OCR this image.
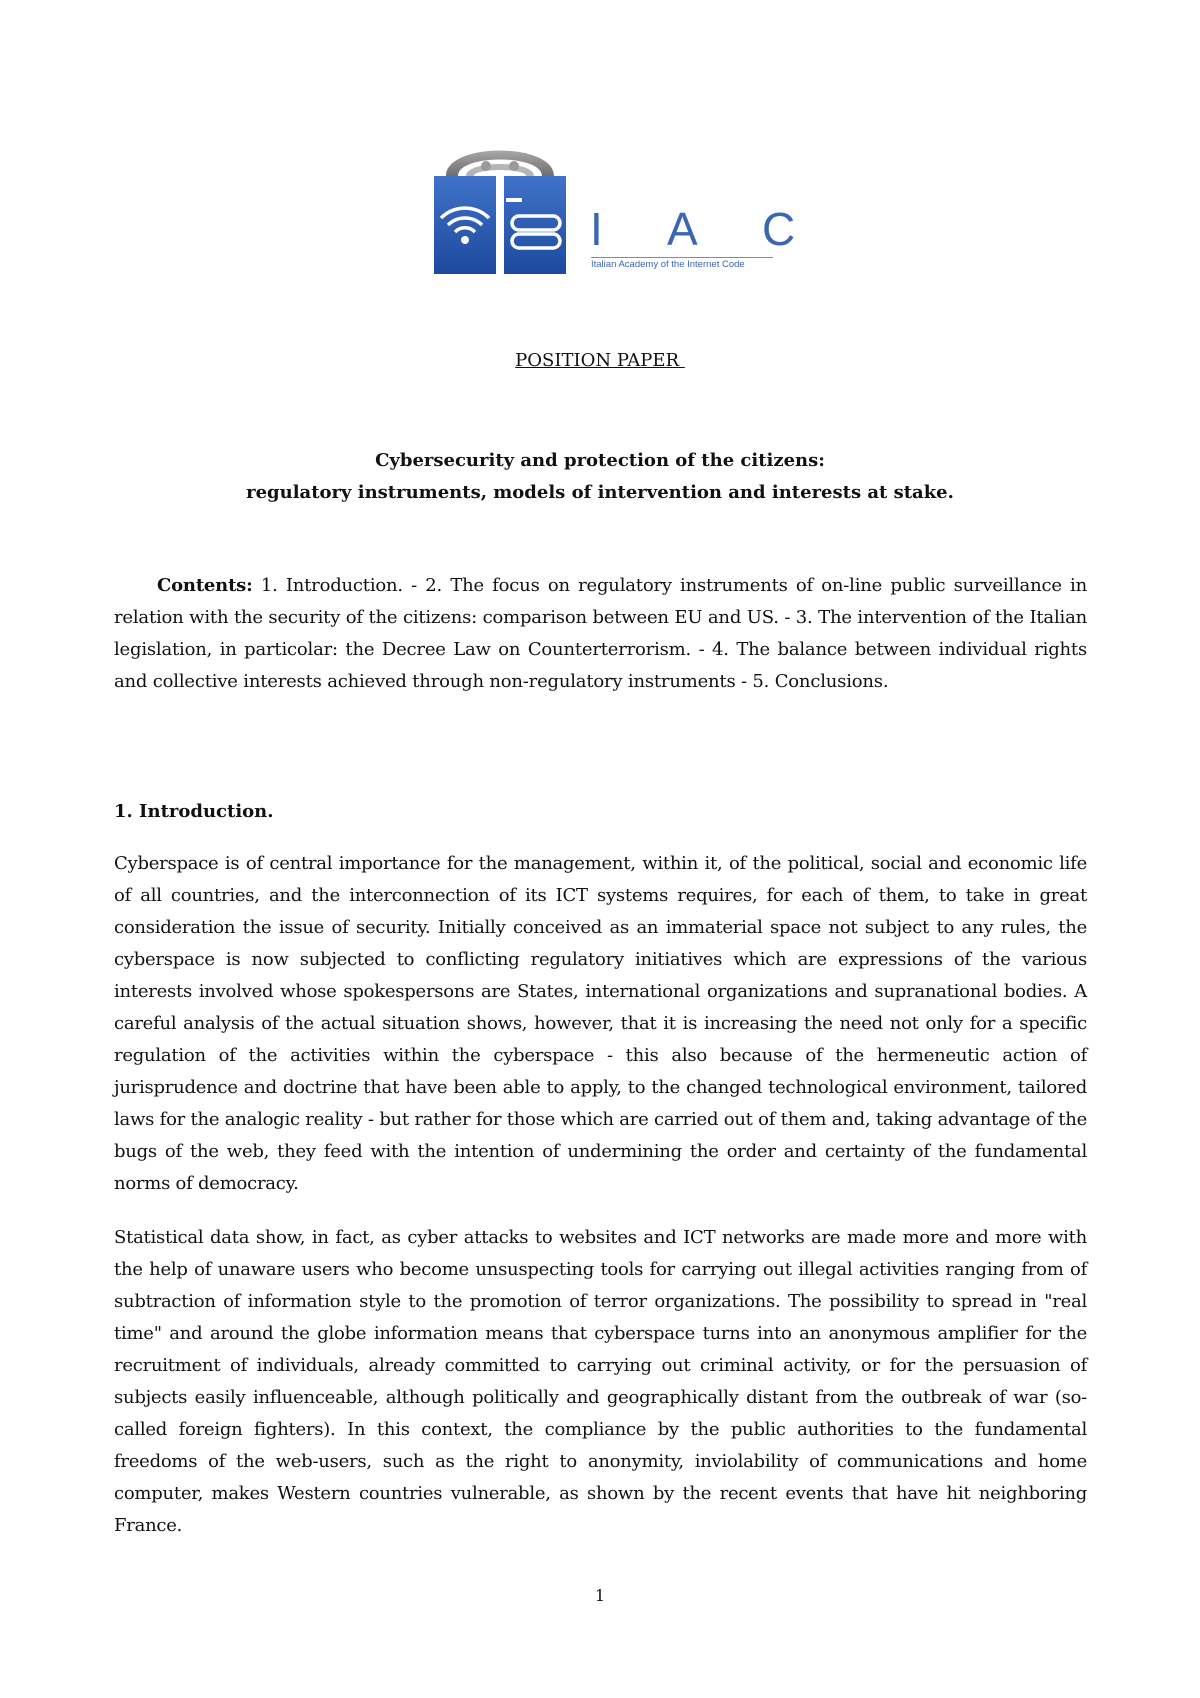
I A C
Italian Academy of the Internet Code
POSITION PAPER
Cybersecurity and protection of the citizens:
regulatory instruments, models of intervention and interests at stake.
Contents: 1. Introduction. - 2. The focus on regulatory instruments of on-line public surveillance in relation with the security of the citizens: comparison between EU and US. - 3. The intervention of the Italian legislation, in particolar: the Decree Law on Counterterrorism. - 4. The balance between individual rights and collective interests achieved through non-regulatory instruments - 5. Conclusions.
1. Introduction.
Cyberspace is of central importance for the management, within it, of the political, social and economic life of all countries, and the interconnection of its ICT systems requires, for each of them, to take in great consideration the issue of security. Initially conceived as an immaterial space not subject to any rules, the cyberspace is now subjected to conflicting regulatory initiatives which are expressions of the various interests involved whose spokespersons are States, international organizations and supranational bodies. A careful analysis of the actual situation shows, however, that it is increasing the need not only for a specific regulation of the activities within the cyberspace - this also because of the hermeneutic action of jurisprudence and doctrine that have been able to apply, to the changed technological environment, tailored laws for the analogic reality - but rather for those which are carried out of them and, taking advantage of the bugs of the web, they feed with the intention of undermining the order and certainty of the fundamental norms of democracy.
Statistical data show, in fact, as cyber attacks to websites and ICT networks are made more and more with the help of unaware users who become unsuspecting tools for carrying out illegal activities ranging from of subtraction of information style to the promotion of terror organizations. The possibility to spread in "real time" and around the globe information means that cyberspace turns into an anonymous amplifier for the recruitment of individuals, already committed to carrying out criminal activity, or for the persuasion of subjects easily influenceable, although politically and geographically distant from the outbreak of war (so-called foreign fighters). In this context, the compliance by the public authorities to the fundamental freedoms of the web-users, such as the right to anonymity, inviolability of communications and home computer, makes Western countries vulnerable, as shown by the recent events that have hit neighboring France.
1
